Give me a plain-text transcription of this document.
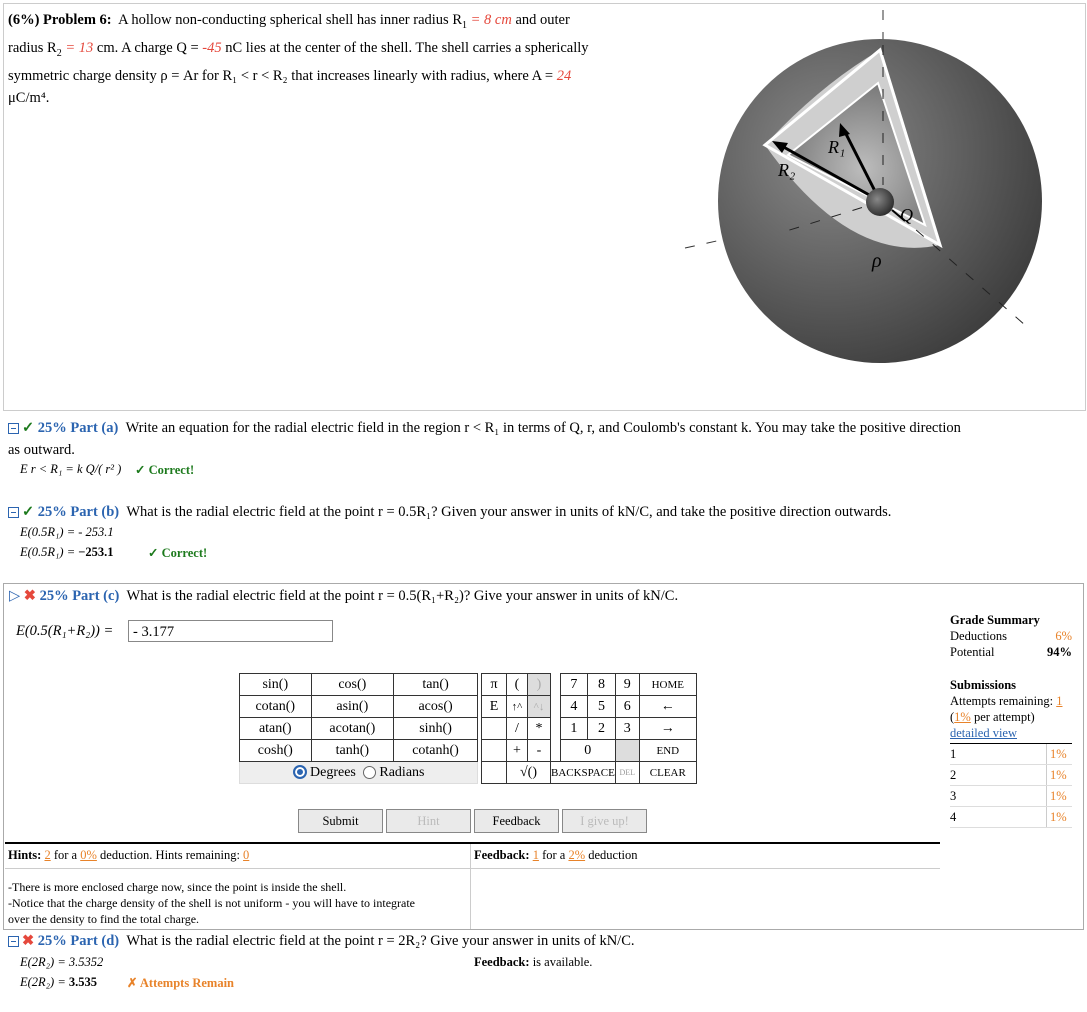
(6%) Problem 6: A hollow non-conducting spherical shell has inner radius $R_1 = 8$ cm and outer
radius $R_2 = 13$ cm. A charge Q = -45 nC lies at the center of the shell. The shell carries a spherically
symmetric charge density ρ = Ar for R₁ < r < R₂ that increases linearly with radius, where A = 24
μC/m⁴.
R₂
R₁
Q
ρ
✓ 25% Part (a) Write an equation for the radial electric field in the region r < R₁ in terms of Q, r, and Coulomb's constant k. You may take the positive direction
as outward.
E r < R₁ = k Q/( r² ) ✓ Correct!
✓ 25% Part (b) What is the radial electric field at the point r = 0.5R₁? Given your answer in units of kN/C, and take the positive direction outwards.
E(0.5R₁) = - 253.1
E(0.5R₁) = −253.1	✓ Correct!
▷ ✖ 25% Part (c) What is the radial electric field at the point r = 0.5(R₁+R₂)? Give your answer in units of kN/C.
E(0.5(R₁+R₂)) =	- 3.177
sin()	cos()	tan()
cotan()	asin()	acos()
atan()	acotan()	sinh()
cosh()	tanh()	cotanh()
Degrees Radians		
π	(	)		7	8	9	HOME
E	↑^	^↓		4	5	6	←
	/	*		1	2	3	→
	+	-		0			END
	√()		BACKSPACE			DEL	CLEAR
Submit	Hint	Feedback	I give up!
Hints: 2 for a 0% deduction. Hints remaining: 0	Feedback: 1 for a 2% deduction
-There is more enclosed charge now, since the point is inside the shell.
-Notice that the charge density of the shell is not uniform - you will have to integrate
over the density to find the total charge.
Grade Summary
Deductions	6%
Potential	94%
Submissions
Attempts remaining: 1
(1% per attempt)
detailed view
1	1%
2	1%
3	1%
4	1%
✖ 25% Part (d) What is the radial electric field at the point r = 2R₂? Give your answer in units of kN/C.
E(2R₂) = 3.5352
E(2R₂) = 3.535 ✗ Attempts Remain
Feedback: is available.
